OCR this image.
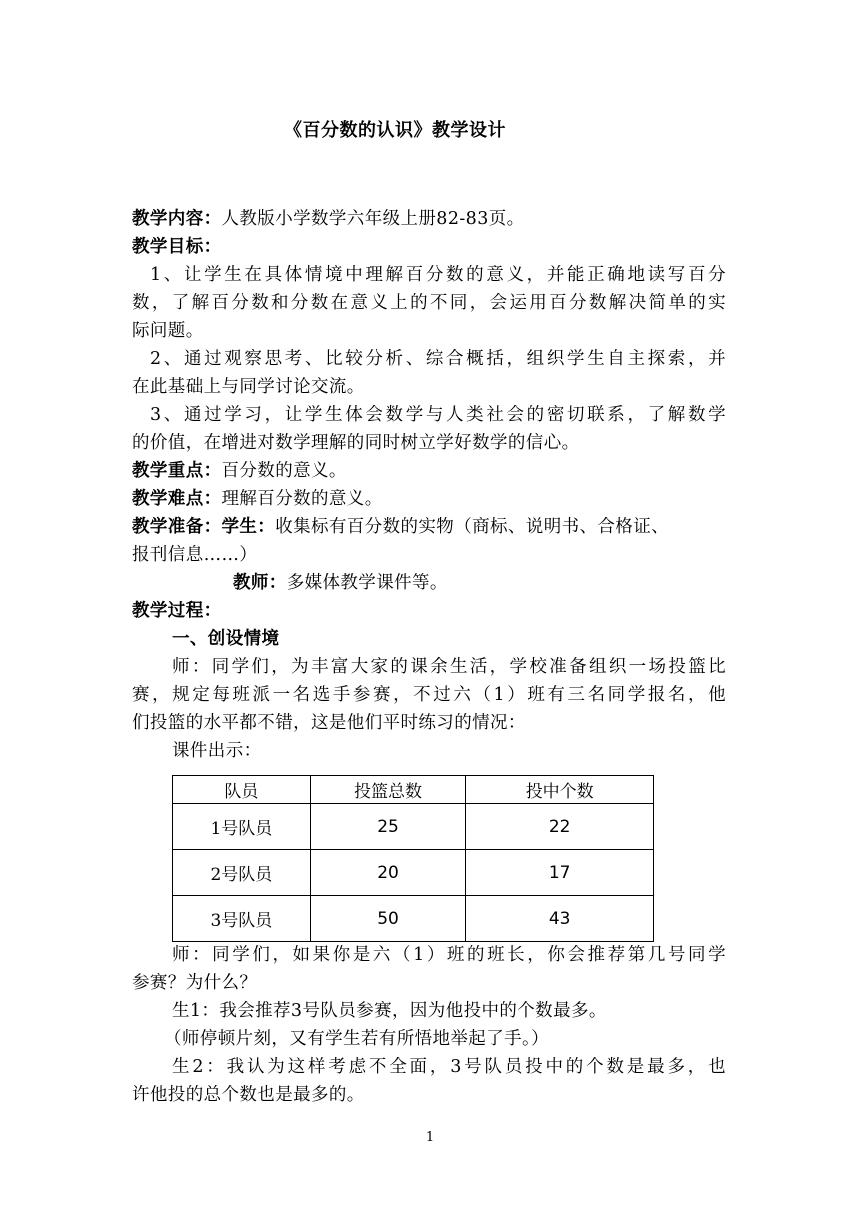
《百分数的认识》教学设计
教学内容：人教版小学数学六年级上册82-83页。
教学目标：
1、让学生在具体情境中理解百分数的意义，并能正确地读写百分
数，了解百分数和分数在意义上的不同，会运用百分数解决简单的实
际问题。
2、通过观察思考、比较分析、综合概括，组织学生自主探索，并
在此基础上与同学讨论交流。
3、通过学习，让学生体会数学与人类社会的密切联系，了解数学
的价值，在增进对数学理解的同时树立学好数学的信心。
教学重点：百分数的意义。
教学难点：理解百分数的意义。
教学准备：学生：收集标有百分数的实物（商标、说明书、合格证、
报刊信息……）
教师：多媒体教学课件等。
教学过程：
一、创设情境
师：同学们，为丰富大家的课余生活，学校准备组织一场投篮比
赛，规定每班派一名选手参赛，不过六（1）班有三名同学报名，他
们投篮的水平都不错，这是他们平时练习的情况：
课件出示：
队员	投篮总数	投中个数
1号队员	25	22
2号队员	20	17
3号队员	50	43
师：同学们，如果你是六（1）班的班长，你会推荐第几号同学
参赛？为什么？
生1：我会推荐3号队员参赛，因为他投中的个数最多。
（师停顿片刻，又有学生若有所悟地举起了手。）
生2：我认为这样考虑不全面，3号队员投中的个数是最多，也
许他投的总个数也是最多的。
1
